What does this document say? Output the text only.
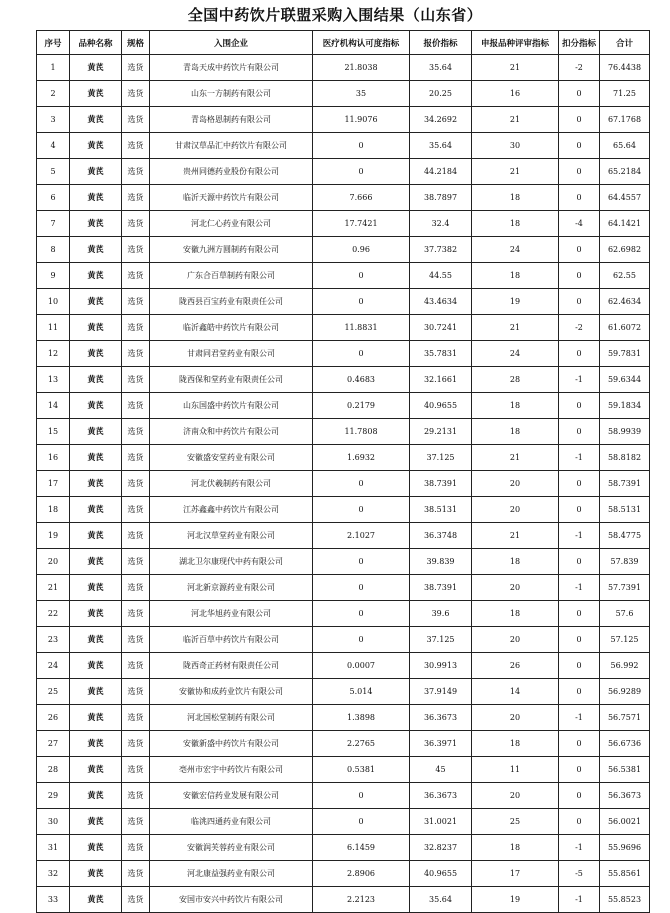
全国中药饮片联盟采购入围结果（山东省）
序号	品种名称	规格	入围企业	医疗机构认可度指标	报价指标	申报品种评审指标	扣分指标	合计
1	黄芪	选货	青岛天成中药饮片有限公司	21.8038	35.64	21	-2	76.4438
2	黄芪	选货	山东一方制药有限公司	35	20.25	16	0	71.25
3	黄芪	选货	青岛格恩制药有限公司	11.9076	34.2692	21	0	67.1768
4	黄芪	选货	甘肃汉草品汇中药饮片有限公司	0	35.64	30	0	65.64
5	黄芪	选货	贵州同德药业股份有限公司	0	44.2184	21	0	65.2184
6	黄芪	选货	临沂天源中药饮片有限公司	7.666	38.7897	18	0	64.4557
7	黄芪	选货	河北仁心药业有限公司	17.7421	32.4	18	-4	64.1421
8	黄芪	选货	安徽九洲方圆制药有限公司	0.96	37.7382	24	0	62.6982
9	黄芪	选货	广东合百草制药有限公司	0	44.55	18	0	62.55
10	黄芪	选货	陇西县百宝药业有限责任公司	0	43.4634	19	0	62.4634
11	黄芪	选货	临沂鑫皓中药饮片有限公司	11.8831	30.7241	21	-2	61.6072
12	黄芪	选货	甘肃同君堂药业有限公司	0	35.7831	24	0	59.7831
13	黄芪	选货	陇西保和堂药业有限责任公司	0.4683	32.1661	28	-1	59.6344
14	黄芪	选货	山东国盛中药饮片有限公司	0.2179	40.9655	18	0	59.1834
15	黄芪	选货	济南众和中药饮片有限公司	11.7808	29.2131	18	0	58.9939
16	黄芪	选货	安徽盛安堂药业有限公司	1.6932	37.125	21	-1	58.8182
17	黄芪	选货	河北伏羲制药有限公司	0	38.7391	20	0	58.7391
18	黄芪	选货	江苏鑫鑫中药饮片有限公司	0	38.5131	20	0	58.5131
19	黄芪	选货	河北汉草堂药业有限公司	2.1027	36.3748	21	-1	58.4775
20	黄芪	选货	湖北卫尔康现代中药有限公司	0	39.839	18	0	57.839
21	黄芪	选货	河北新京源药业有限公司	0	38.7391	20	-1	57.7391
22	黄芪	选货	河北华旭药业有限公司	0	39.6	18	0	57.6
23	黄芪	选货	临沂百草中药饮片有限公司	0	37.125	20	0	57.125
24	黄芪	选货	陇西奇正药材有限责任公司	0.0007	30.9913	26	0	56.992
25	黄芪	选货	安徽协和成药业饮片有限公司	5.014	37.9149	14	0	56.9289
26	黄芪	选货	河北国松堂制药有限公司	1.3898	36.3673	20	-1	56.7571
27	黄芪	选货	安徽新盛中药饮片有限公司	2.2765	36.3971	18	0	56.6736
28	黄芪	选货	亳州市宏宇中药饮片有限公司	0.5381	45	11	0	56.5381
29	黄芪	选货	安徽宏信药业发展有限公司	0	36.3673	20	0	56.3673
30	黄芪	选货	临洮四通药业有限公司	0	31.0021	25	0	56.0021
31	黄芪	选货	安徽润芙蓉药业有限公司	6.1459	32.8237	18	-1	55.9696
32	黄芪	选货	河北康益强药业有限公司	2.8906	40.9655	17	-5	55.8561
33	黄芪	选货	安国市安兴中药饮片有限公司	2.2123	35.64	19	-1	55.8523
